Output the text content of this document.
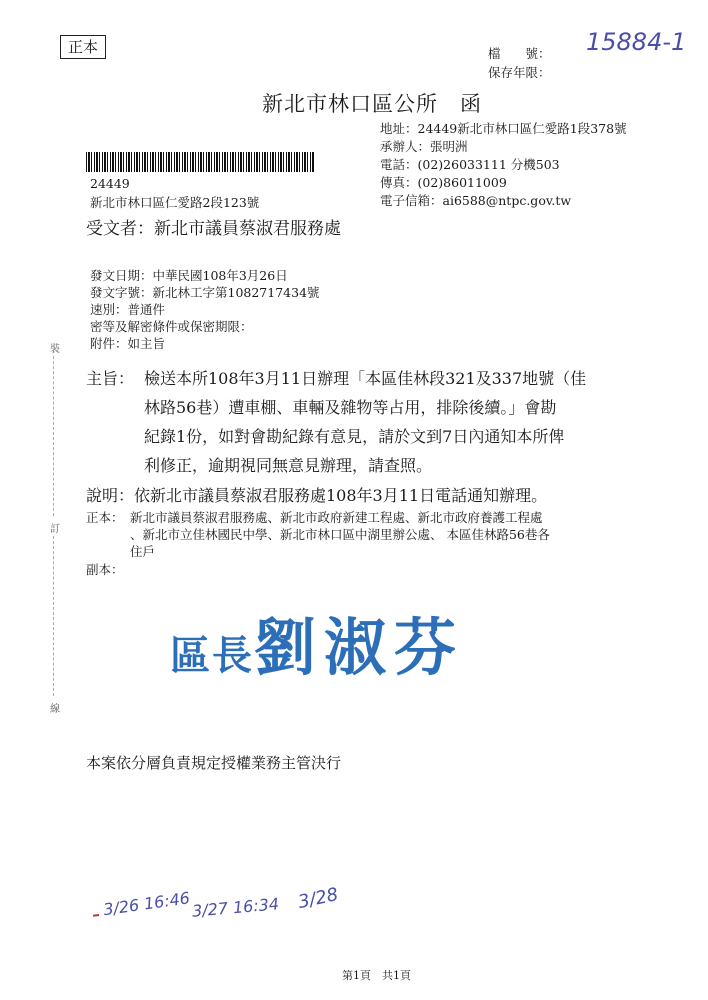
正本	檔　　號：
保存年限：
15884-1
新北市林口區公所　函
地址：24449新北市林口區仁愛路1段378號
承辦人：張明洲
電話：(02)26033111 分機503
傳真：(02)86011009
電子信箱：ai6588@ntpc.gov.tw
24449
新北市林口區仁愛路2段123號
受文者：新北市議員蔡淑君服務處
發文日期：中華民國108年3月26日
發文字號：新北林工字第1082717434號
速別：普通件
密等及解密條件或保密期限：
附件：如主旨
裝
訂
線
主旨： 檢送本所108年3月11日辦理「本區佳林段321及337地號（佳
林路56巷）遭車棚、車輛及雜物等占用，排除後續。」會勘
紀錄1份，如對會勘紀錄有意見，請於文到7日內通知本所俾
利修正，逾期視同無意見辦理，請查照。
說明： 依新北市議員蔡淑君服務處108年3月11日電話通知辦理。
正本： 新北市議員蔡淑君服務處、新北市政府新建工程處、新北市政府養護工程處
、新北市立佳林國民中學、新北市林口區中湖里辦公處、 本區佳林路56巷各
住戶
副本：
區長劉淑芬
本案依分層負責規定授權業務主管決行
3/26 16:46 3/27 16:34 3/28
第1頁　共1頁
